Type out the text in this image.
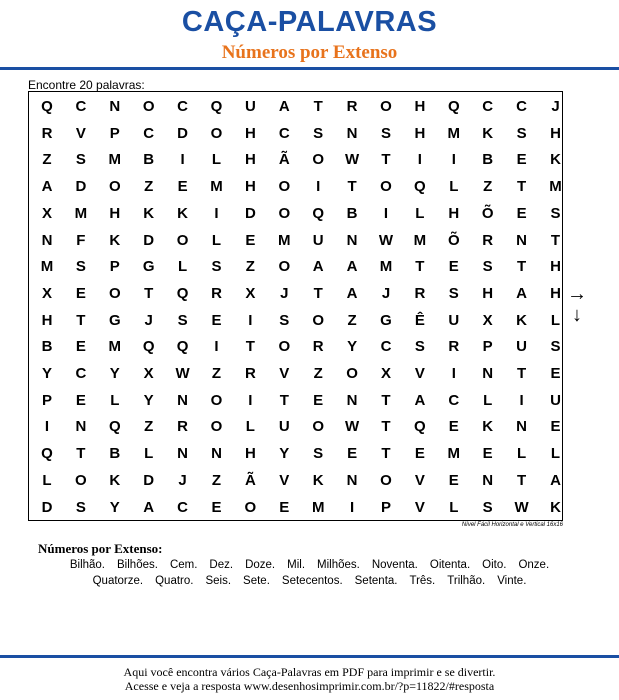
CAÇA-PALAVRAS
Números por Extenso
Encontre 20 palavras:
Q	C	N	O	C	Q	U	A	T	R	O	H	Q	C	C	J
R	V	P	C	D	O	H	C	S	N	S	H	M	K	S	H
Z	S	M	B	I	L	H	Ã	O	W	T	I	I	B	E	K
A	D	O	Z	E	M	H	O	I	T	O	Q	L	Z	T	M
X	M	H	K	K	I	D	O	Q	B	I	L	H	Õ	E	S
N	F	K	D	O	L	E	M	U	N	W	M	Õ	R	N	T
M	S	P	G	L	S	Z	O	A	A	M	T	E	S	T	H
X	E	O	T	Q	R	X	J	T	A	J	R	S	H	A	H
H	T	G	J	S	E	I	S	O	Z	G	Ê	U	X	K	L
B	E	M	Q	Q	I	T	O	R	Y	C	S	R	P	U	S
Y	C	Y	X	W	Z	R	V	Z	O	X	V	I	N	T	E
P	E	L	Y	N	O	I	T	E	N	T	A	C	L	I	U
I	N	Q	Z	R	O	L	U	O	W	T	Q	E	K	N	E
Q	T	B	L	N	N	H	Y	S	E	T	E	M	E	L	L
L	O	K	D	J	Z	Ã	V	K	N	O	V	E	N	T	A
D	S	Y	A	C	E	O	E	M	I	P	V	L	S	W	K
→
↓
Nível Fácil Horizontal e Vertical 16x16
Números por Extenso:
Bilhão. Bilhões. Cem. Dez. Doze. Mil. Milhões. Noventa. Oitenta. Oito. Onze.
Quatorze. Quatro. Seis. Sete. Setecentos. Setenta. Três. Trilhão. Vinte.
Aqui você encontra vários Caça-Palavras em PDF para imprimir e se divertir.
Acesse e veja a resposta www.desenhosimprimir.com.br/?p=11822/#resposta
